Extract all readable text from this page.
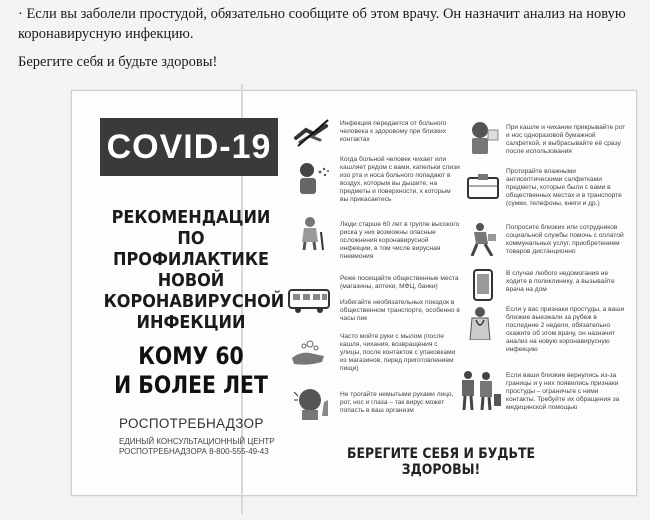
· Если вы заболели простудой, обязательно сообщите об этом врачу. Он назначит анализ на новую коронавирусную инфекцию.

Берегите себя и будьте здоровы!

COVID-19
РЕКОМЕНДАЦИИ
ПО ПРОФИЛАКТИКЕ
НОВОЙ
КОРОНАВИРУСНОЙ
ИНФЕКЦИИ
КОМУ 60
И БОЛЕЕ ЛЕТ
РОСПОТРЕБНАДЗОР
ЕДИНЫЙ КОНСУЛЬТАЦИОННЫЙ ЦЕНТР
РОСПОТРЕБНАДЗОРА 8-800-555-49-43
Инфекция передается от больного человека к здоровому при близких контактах
Когда больной человек чихает или кашляет рядом с вами, капельки слизи изо рта и носа больного попадают в воздух, которым вы дышите, на предметы и поверхности, к которым вы прикасаетесь
Люди старше 60 лет в группе высокого риска у них возможны опасные осложнения коронавирусной инфекции, в том числе вирусная пневмония
Реже посещайте общественные места (магазины, аптеки, МФЦ, банки)
Избегайте необязательных поездок в общественном транспорте, особенно в часы пик
Часто мойте руки с мылом (после кашля, чихания, возвращения с улицы, после контактов с упаковками из магазинов, перед приготовлением пищи)
Не трогайте немытыми руками лицо, рот, нос и глаза – так вирус может попасть в ваш организм
При кашле и чихании прикрывайте рот и нос одноразовой бумажной салфеткой, и выбрасывайте её сразу после использования
Протирайте влажными антисептическими салфетками предметы, которые были с вами в общественных местах и в транспорте (сумки, телефоны, книги и др.)
Попросите близких или сотрудников социальной службы помочь с оплатой коммунальных услуг, приобретением товаров дистанционно
В случае любого недомогания не ходите в поликлинику, а вызывайте врача на дом
Если у вас признаки простуды, а ваши близкие выезжали за рубеж в последние 2 недели, обязательно скажите об этом врачу, он назначит анализ на новую коронавирусную инфекцию
Если ваши близкие вернулись из-за границы и у них появились признаки простуды – ограничьте с ними контакты. Требуйте их обращения за медицинской помощью
БЕРЕГИТЕ СЕБЯ И БУДЬТЕ ЗДОРОВЫ!
